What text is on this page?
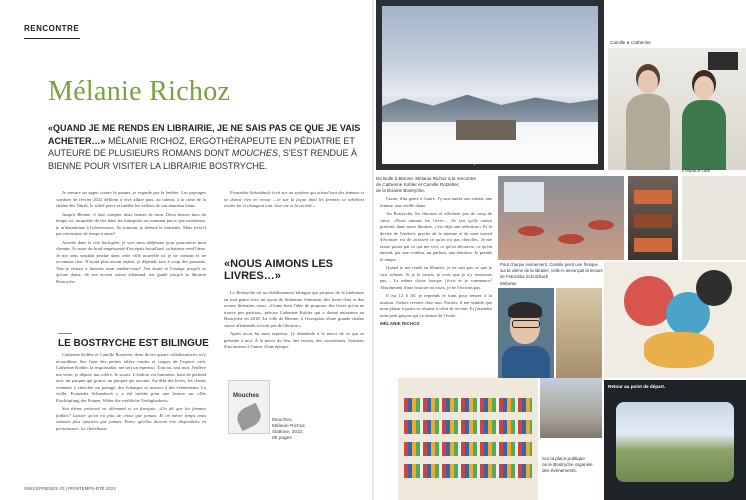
RENCONTRE
Mélanie Richoz
«QUAND JE ME RENDS EN LIBRAIRIE, JE NE SAIS PAS CE QUE JE VAIS ACHETER…» MÉLANIE RICHOZ, ERGOTHÉRAPEUTE EN PÉDIATRIE ET AUTEURE DE PLUSIEURS ROMANS DONT MOUCHES, S'EST RENDUE À BIENNE POUR VISITER LA LIBRAIRIE BOSTRYCHE.

Je mesure un appui contre la paume, je regarde par la fenêtre. Les paysages sombres de février 2022 défilent à vive allure puis, au ralenti, à la cime de la chaîne des Vanils, le soleil perce et habille les vallons de son manteau blanc.

Jusqu'à Bienne, il faut compter deux heures de train. Deux heures hors du temps ou, incapable de lire dans les transports en commun parce que nauséeuse, je m'abandonne à l'observation. Au lointain, je détente le farniente. Mais n'est-il pas nécessaire de temps à autre?

Arrivée dans la cité horlogère, je sors mon téléphone pour poursuivre mon chemin. À cause du froid emprisonné d'un épais brouillard, sa batterie rend l'âme. Je me sens soudain perdue dans cette ville nouvelle où je ne connais et ne reconnais rien. N'ayant plus aucun repère, je dépends tout à coup des passants. Vais-je réussir à honorer mon rendez-vous? J'en doute et l'orange jusqu'à ce qu'une dame, de son accent suisse allemand, me guide jusqu'à la librairie Bostryche.

LE BOSTRYCHE EST BILINGUE

Catherine Kohler et Camille Rotzetter, deux de ses quatre collaboratrices, m'y accueillent. Sur l'une des petites tables rondes et rouges de l'espace café, Catherine Kohler, la responsable, me sert un espresso. Tout nu, tout noir. J'enlève ma veste, je dépose ma colère. Je souris. L'endroit est lumineux, haut de plafond avec un parquet qui grince, un parquet qui raconte. Au-delà des livres, les clients viennent y chercher un partage, des échanges et assister à des événements. La veille, Franziska Schutzbach y a été invitée pour une lecture sur «Die Erschöpfung der Frauen. Wider die weibliche Verfügbarkeit».

Son thème présenté en allemand et en français: «On dit que les femmes faibles? Laisser qu'on est plus de choix que jamais. Et en même temps nous sommes plus épuisées que jamais. Parce qu'elles doivent être disponibles en permanence. La chercheuse

Franziska Schutzbach écrit sur un système qui attend tout des femmes et ne donne rien en retour —et sur la façon dont les femmes se rebellent contre lui et changent tout: leur vie et la société.»

«NOUS AIMONS LES LIVRES…»

Le Bostryche est un établissement bilingue qui propose de la littérature en tout genre avec un rayon de littérature féministe, des livres d'art et des revues littéraires aussi. «J'aime bien l'idée de proposer des livres qu'on ne trouve pas partout», précise Catherine Kohler qui a donné naissance au Bostryche en 2018. La ville de Bienne, à l'exception d'une grande chaîne suisse allemande, n'avait pas de librairie.»

Après avoir bu mon espresso, j'y déambule à la merci de ce qui se présente à moi. À la merci du lieu, des rayons, des couvertures. Soutiens d'un univers à l'autre, d'une époque

Mouches
Mouches,
Mélanie Richoz,
Slatkine, 2022,
95 pages
SWISSFRIENDS #3 | PRINTEMPS-ÉTÉ 2022
Départ en train de Bulle
Camille & Catherine
De Bulle à Bienne: Mélanie Richoz à la rencontre
de Catherine Kohler et Camille Rotzetter,
de la librairie Bostryche.
L'espace café

l'autre, d'un genre à l'autre. J'y suis tantôt une enfant, une femme, une vieille dame.

Au Bostryche, les libraires et affichent pas de coup de cœur: «Nous aimons les livres… Se fait qu'ils soient présents dans notre librairie, c'est déjà une sélection.» Et la devise de l'endroit, proche de la mienne et de mon travail d'écriture: est de «trouver ce qu'on n'a pas cherché». Je me laisse porter par ce qui me voit, ce qu'on découvre, ce qu'on entend, par une couleur, un parfum, une émotion. Je prends le temps…

Quand je me rends en librairie, je ne sais pas ce que je vais acheter. Si je le savais, je crois que je n'y rentrerais pas… La même chose lorsque j'écris et je commence! Absolument d'une histoire en cours, je ne l'écrirais pas.

Il est 12 h 30, je reprends le train pour rentrer à la maison. J'adore revenir chez moi. Parfois, il me semble que mon plaisir à partir se résume à celui de revenir. Et j'attendre mon petit garçon qui va rentrer de l'école.

MÉLANIE RICHOZ

Pour chaque événement, Camille peint une fresque
sur la vitrine de la librairie, celle-ci annonçait la lecture
de Franziska Schutzbach
Mélanie
Sur la place publique
où le Bostryche organise
des événements.
Retour au point de départ.
